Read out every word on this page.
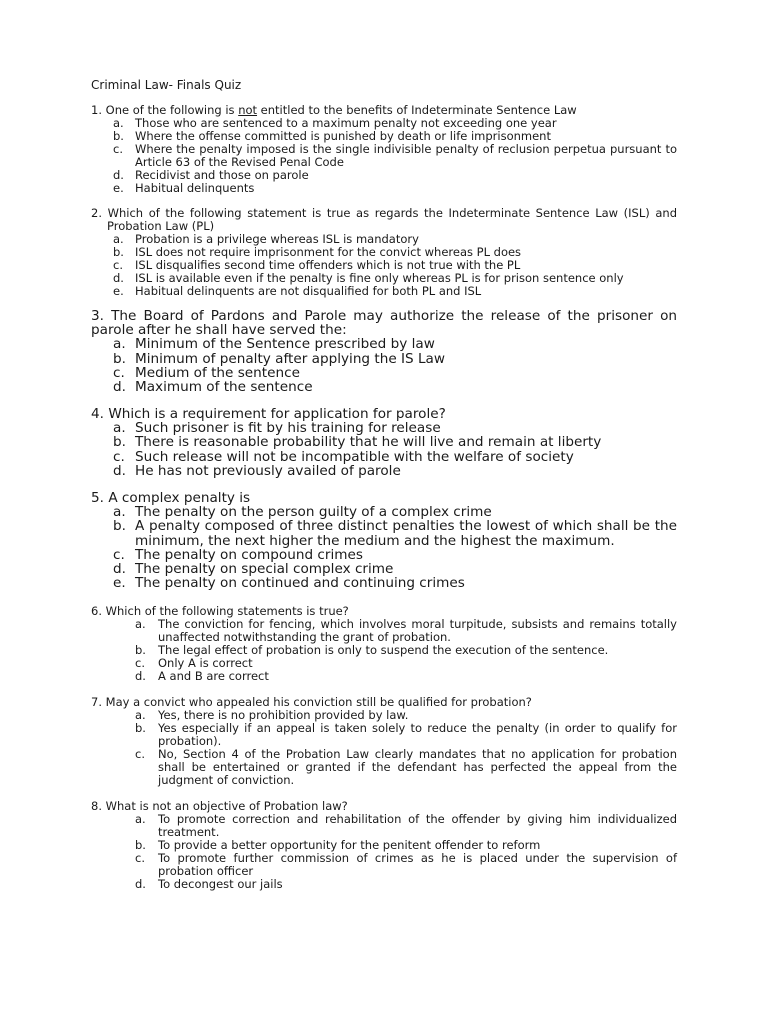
Criminal Law- Finals Quiz
1. One of the following is not entitled to the benefits of Indeterminate Sentence Law
a. Those who are sentenced to a maximum penalty not exceeding one year
b. Where the offense committed is punished by death or life imprisonment
c. Where the penalty imposed is the single indivisible penalty of reclusion perpetua pursuant to Article 63 of the Revised Penal Code
d. Recidivist and those on parole
e. Habitual delinquents
2. Which of the following statement is true as regards the Indeterminate Sentence Law (ISL) and Probation Law (PL)
a. Probation is a privilege whereas ISL is mandatory
b. ISL does not require imprisonment for the convict whereas PL does
c. ISL disqualifies second time offenders which is not true with the PL
d. ISL is available even if the penalty is fine only whereas PL is for prison sentence only
e. Habitual delinquents are not disqualified for both PL and ISL
3. The Board of Pardons and Parole may authorize the release of the prisoner on parole after he shall have served the:
a. Minimum of the Sentence prescribed by law
b. Minimum of penalty after applying the IS Law
c. Medium of the sentence
d. Maximum of the sentence
4. Which is a requirement for application for parole?
a. Such prisoner is fit by his training for release
b. There is reasonable probability that he will live and remain at liberty
c. Such release will not be incompatible with the welfare of society
d. He has not previously availed of parole
5. A complex penalty is
a. The penalty on the person guilty of a complex crime
b. A penalty composed of three distinct penalties the lowest of which shall be the minimum, the next higher the medium and the highest the maximum.
c. The penalty on compound crimes
d. The penalty on special complex crime
e. The penalty on continued and continuing crimes
6. Which of the following statements is true?
a. The conviction for fencing, which involves moral turpitude, subsists and remains totally unaffected notwithstanding the grant of probation.
b. The legal effect of probation is only to suspend the execution of the sentence.
c. Only A is correct
d. A and B are correct
7. May a convict who appealed his conviction still be qualified for probation?
a. Yes, there is no prohibition provided by law.
b. Yes especially if an appeal is taken solely to reduce the penalty (in order to qualify for probation).
c. No, Section 4 of the Probation Law clearly mandates that no application for probation shall be entertained or granted if the defendant has perfected the appeal from the judgment of conviction.
8. What is not an objective of Probation law?
a. To promote correction and rehabilitation of the offender by giving him individualized treatment.
b. To provide a better opportunity for the penitent offender to reform
c. To promote further commission of crimes as he is placed under the supervision of probation officer
d. To decongest our jails
